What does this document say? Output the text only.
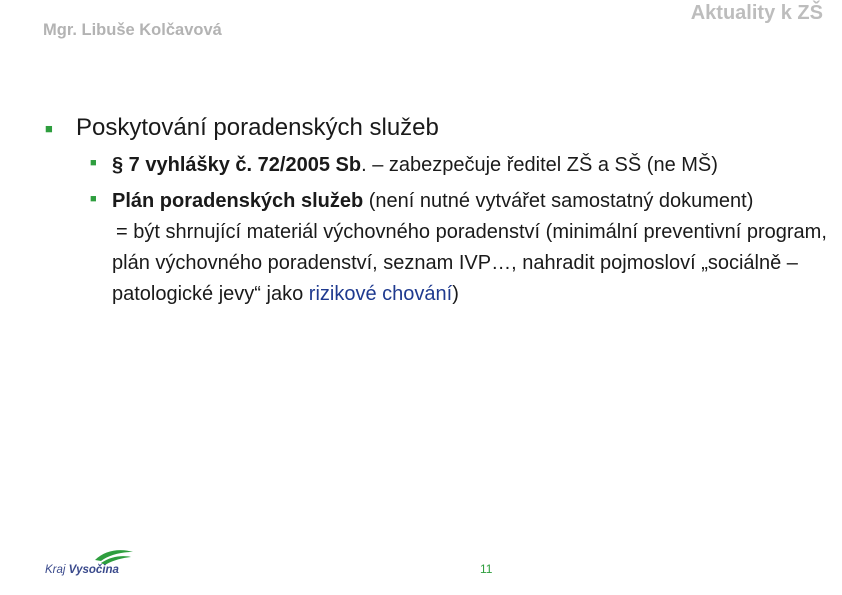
Mgr. Libuše Kolčavová
Aktuality k ZŠ
■ Poskytování poradenských služeb
■ § 7 vyhlášky č. 72/2005 Sb. – zabezpečuje ředitel ZŠ a SŠ (ne MŠ)
■ Plán poradenských služeb (není nutné vytvářet samostatný dokument)
= být shrnující materiál výchovného poradenství (minimální preventivní program, plán výchovného poradenství, seznam IVP…, nahradit pojmosloví „sociálně – patologické jevy“ jako rizikové chování)
11
Kraj Vysočina
